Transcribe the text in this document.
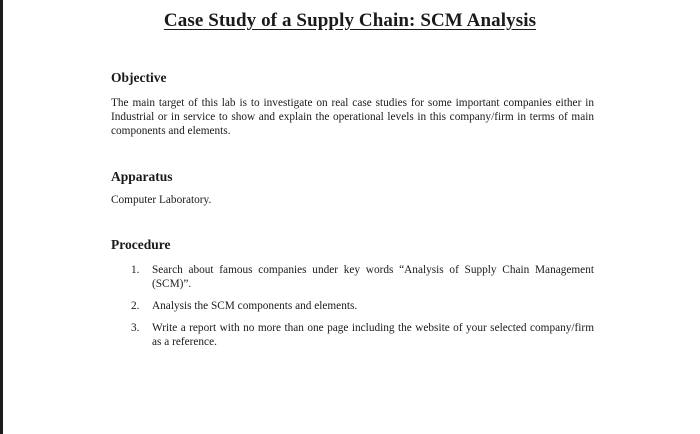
Case Study of a Supply Chain: SCM Analysis
Objective
The main target of this lab is to investigate on real case studies for some important companies either in Industrial or in service to show and explain the operational levels in this company/firm in terms of main components and elements.
Apparatus
Computer Laboratory.
Procedure
1.	Search about famous companies under key words “Analysis of Supply Chain Management (SCM)”.
2.	Analysis the SCM components and elements.
3.	Write a report with no more than one page including the website of your selected company/firm as a reference.
